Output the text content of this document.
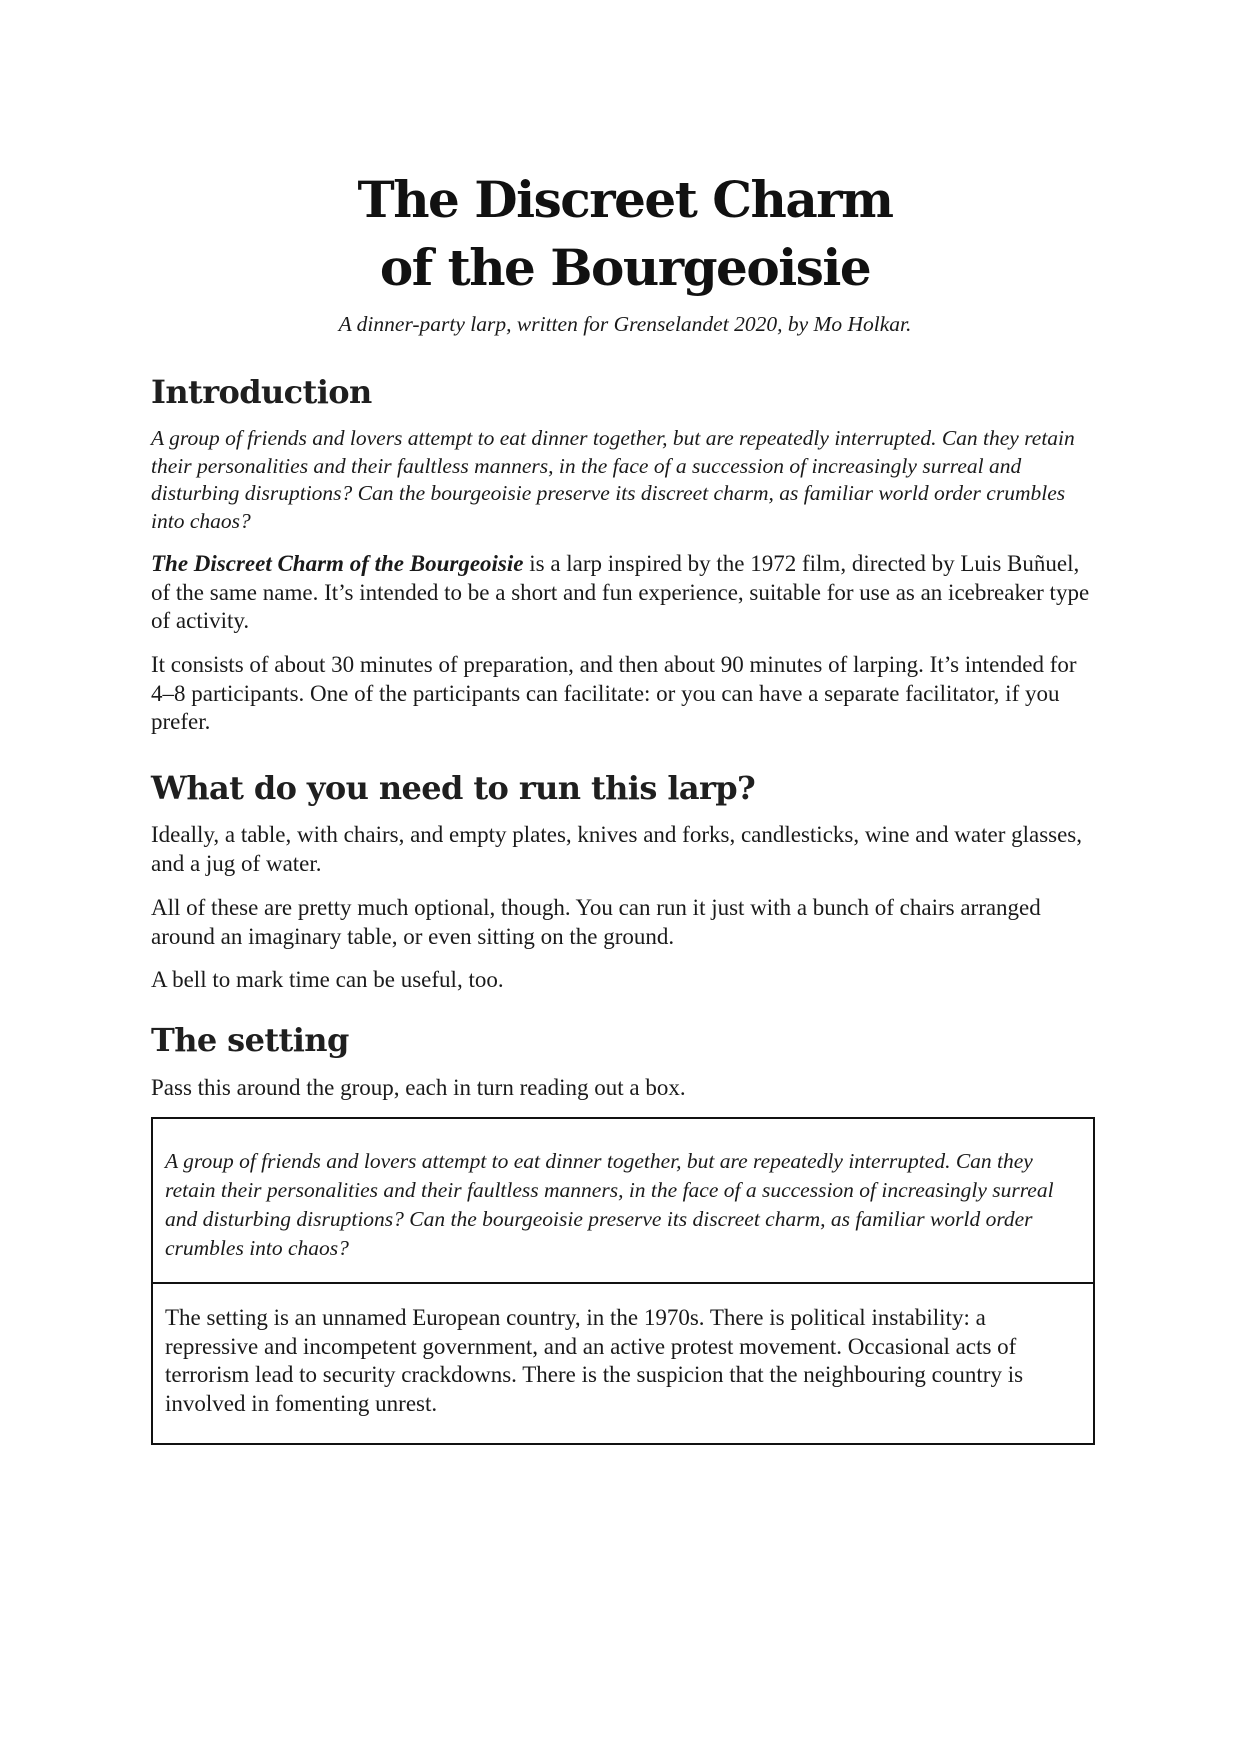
The Discreet Charm
of the Bourgeoisie

A dinner-party larp, written for Grenselandet 2020, by Mo Holkar.

Introduction

A group of friends and lovers attempt to eat dinner together, but are repeatedly interrupted. Can they retain their personalities and their faultless manners, in the face of a succession of increasingly surreal and disturbing disruptions? Can the bourgeoisie preserve its discreet charm, as familiar world order crumbles into chaos?

The Discreet Charm of the Bourgeoisie is a larp inspired by the 1972 film, directed by Luis Buñuel, of the same name. It’s intended to be a short and fun experience, suitable for use as an icebreaker type of activity.

It consists of about 30 minutes of preparation, and then about 90 minutes of larping. It’s intended for 4–8 participants. One of the participants can facilitate: or you can have a separate facilitator, if you prefer.

What do you need to run this larp?

Ideally, a table, with chairs, and empty plates, knives and forks, candlesticks, wine and water glasses, and a jug of water.

All of these are pretty much optional, though. You can run it just with a bunch of chairs arranged around an imaginary table, or even sitting on the ground.

A bell to mark time can be useful, too.

The setting

Pass this around the group, each in turn reading out a box.

A group of friends and lovers attempt to eat dinner together, but are repeatedly interrupted. Can they retain their personalities and their faultless manners, in the face of a succession of increasingly surreal and disturbing disruptions? Can the bourgeoisie preserve its discreet charm, as familiar world order crumbles into chaos?

The setting is an unnamed European country, in the 1970s. There is political instability: a repressive and incompetent government, and an active protest movement. Occasional acts of terrorism lead to security crackdowns. There is the suspicion that the neighbouring country is involved in fomenting unrest.
